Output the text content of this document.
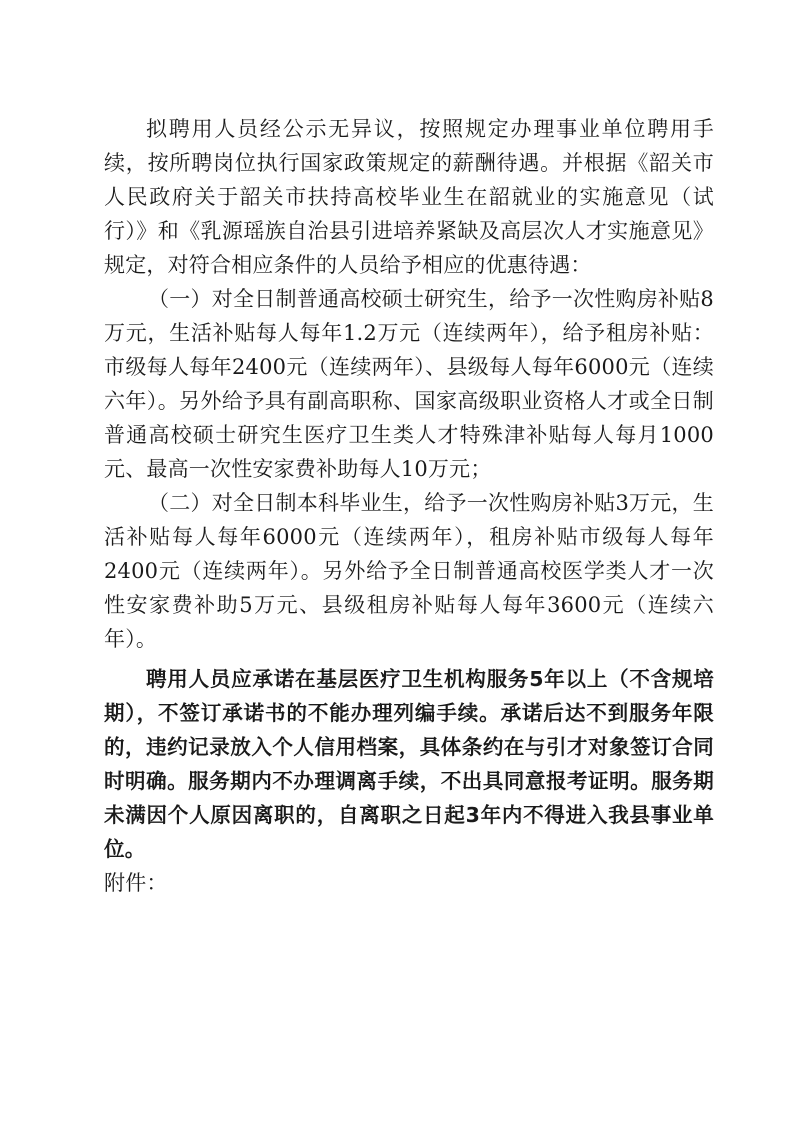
拟聘用人员经公示无异议，按照规定办理事业单位聘用手续，按所聘岗位执行国家政策规定的薪酬待遇。并根据《韶关市人民政府关于韶关市扶持高校毕业生在韶就业的实施意见（试行）》和《乳源瑶族自治县引进培养紧缺及高层次人才实施意见》规定，对符合相应条件的人员给予相应的优惠待遇：

（一）对全日制普通高校硕士研究生，给予一次性购房补贴8万元，生活补贴每人每年1.2万元（连续两年），给予租房补贴：市级每人每年2400元（连续两年）、县级每人每年6000元（连续六年）。另外给予具有副高职称、国家高级职业资格人才或全日制普通高校硕士研究生医疗卫生类人才特殊津补贴每人每月1000元、最高一次性安家费补助每人10万元；

（二）对全日制本科毕业生，给予一次性购房补贴3万元，生活补贴每人每年6000元（连续两年），租房补贴市级每人每年2400元（连续两年）。另外给予全日制普通高校医学类人才一次性安家费补助5万元、县级租房补贴每人每年3600元（连续六年）。

聘用人员应承诺在基层医疗卫生机构服务5年以上（不含规培期），不签订承诺书的不能办理列编手续。承诺后达不到服务年限的，违约记录放入个人信用档案，具体条约在与引才对象签订合同时明确。服务期内不办理调离手续，不出具同意报考证明。服务期未满因个人原因离职的，自离职之日起3年内不得进入我县事业单位。

附件：
